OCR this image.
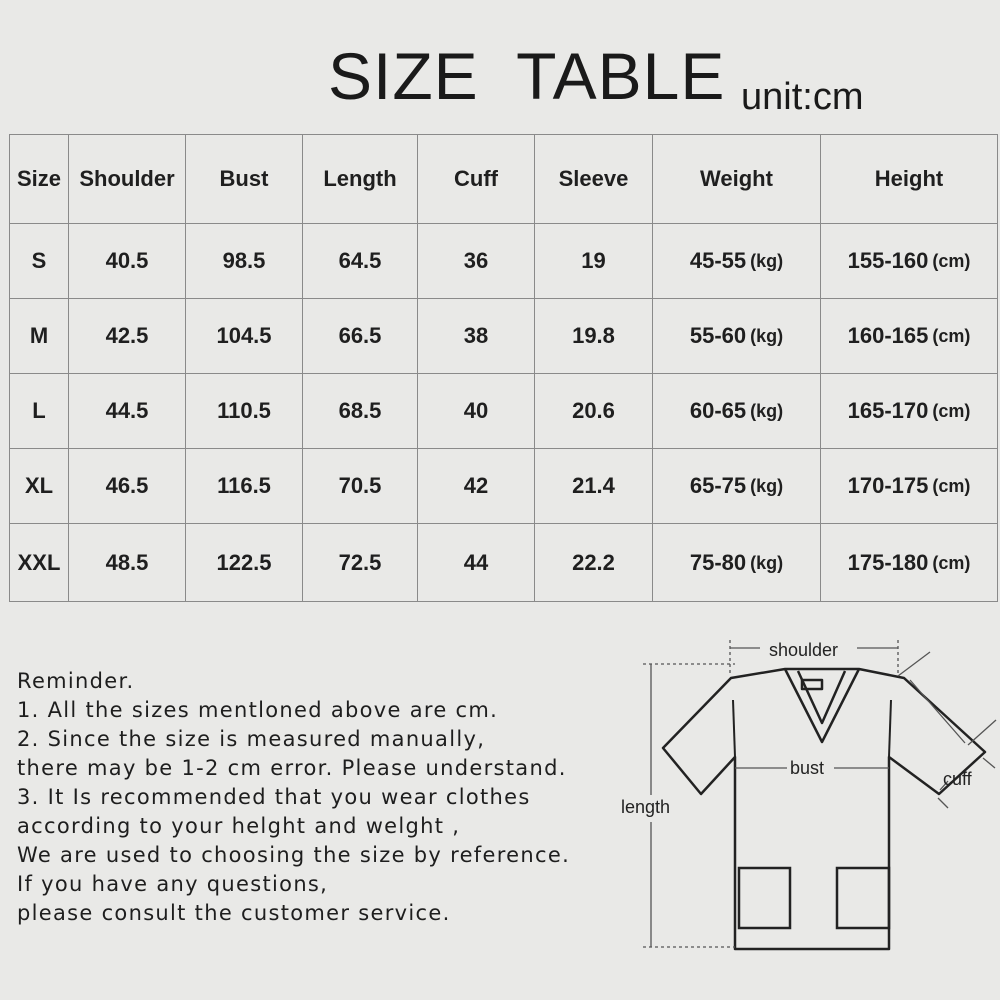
SIZE  TABLE unit:cm
Size	Shoulder	Bust	Length	Cuff	Sleeve	Weight	Height
S	40.5	98.5	64.5	36	19	45-55 (kg)	155-160 (cm)
M	42.5	104.5	66.5	38	19.8	55-60 (kg)	160-165 (cm)
L	44.5	110.5	68.5	40	20.6	60-65 (kg)	165-170 (cm)
XL	46.5	116.5	70.5	42	21.4	65-75 (kg)	170-175 (cm)
XXL	48.5	122.5	72.5	44	22.2	75-80 (kg)	175-180 (cm)
Reminder.
1. All the sizes mentloned above are cm.
2. Since the size is measured manually,
there may be 1-2 cm error. Please understand.
3. It Is recommended that you wear clothes
according to your helght and welght ,
We are used to choosing the size by reference.
If you have any questions,
please consult the customer service.
shoulder
bust
length
cuff
